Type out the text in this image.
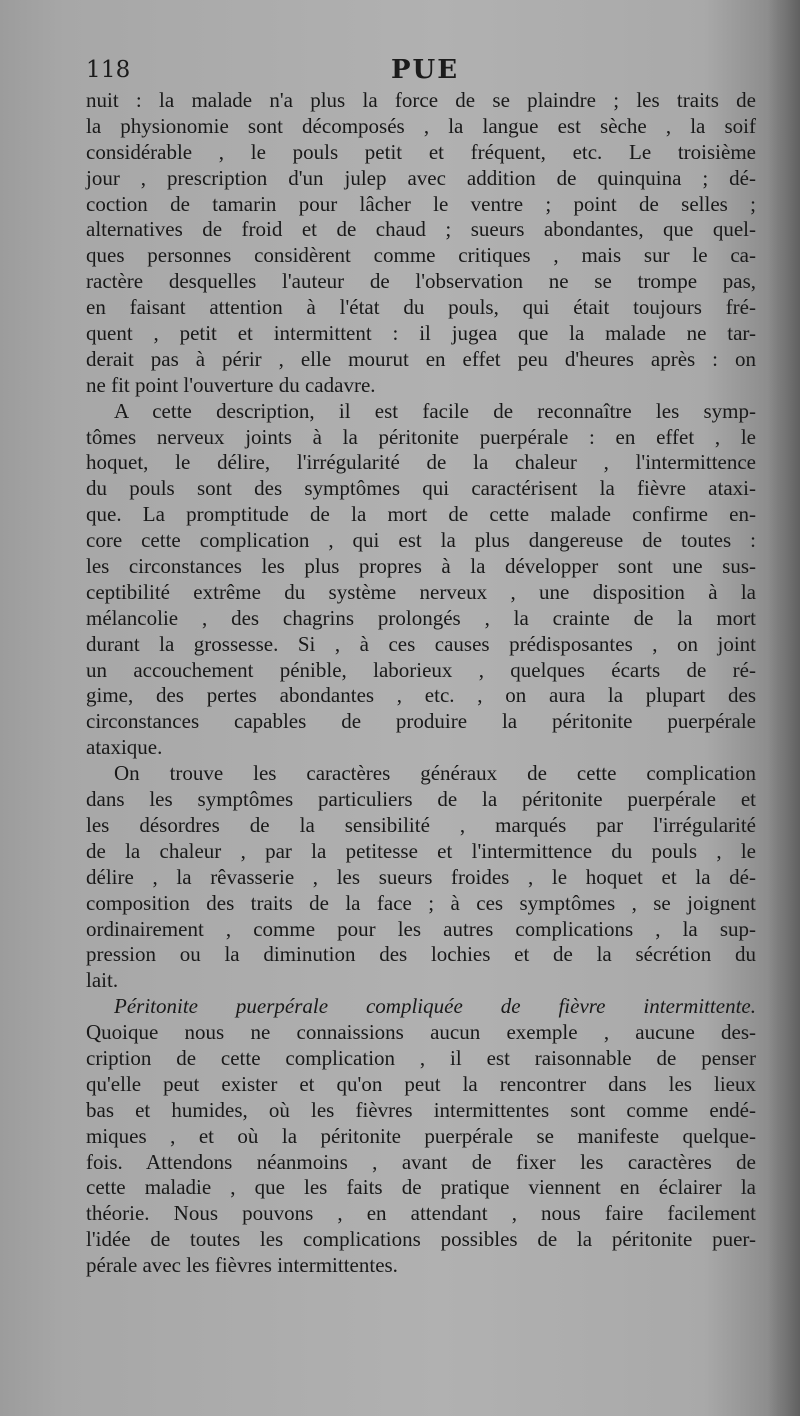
118	PUE
nuit : la malade n'a plus la force de se plaindre ; les traits de
la physionomie sont décomposés , la langue est sèche , la soif
considérable , le pouls petit et fréquent, etc. Le troisième
jour , prescription d'un julep avec addition de quinquina ; dé-
coction de tamarin pour lâcher le ventre ; point de selles ;
alternatives de froid et de chaud ; sueurs abondantes, que quel-
ques personnes considèrent comme critiques , mais sur le ca-
ractère desquelles l'auteur de l'observation ne se trompe pas,
en faisant attention à l'état du pouls, qui était toujours fré-
quent , petit et intermittent : il jugea que la malade ne tar-
derait pas à périr , elle mourut en effet peu d'heures après : on
ne fit point l'ouverture du cadavre.
A cette description, il est facile de reconnaître les symp-
tômes nerveux joints à la péritonite puerpérale : en effet , le
hoquet, le délire, l'irrégularité de la chaleur , l'intermittence
du pouls sont des symptômes qui caractérisent la fièvre ataxi-
que. La promptitude de la mort de cette malade confirme en-
core cette complication , qui est la plus dangereuse de toutes :
les circonstances les plus propres à la développer sont une sus-
ceptibilité extrême du système nerveux , une disposition à la
mélancolie , des chagrins prolongés , la crainte de la mort
durant la grossesse. Si , à ces causes prédisposantes , on joint
un accouchement pénible, laborieux , quelques écarts de ré-
gime, des pertes abondantes , etc. , on aura la plupart des
circonstances capables de produire la péritonite puerpérale
ataxique.
On trouve les caractères généraux de cette complication
dans les symptômes particuliers de la péritonite puerpérale et
les désordres de la sensibilité , marqués par l'irrégularité
de la chaleur , par la petitesse et l'intermittence du pouls , le
délire , la rêvasserie , les sueurs froides , le hoquet et la dé-
composition des traits de la face ; à ces symptômes , se joignent
ordinairement , comme pour les autres complications , la sup-
pression ou la diminution des lochies et de la sécrétion du
lait.
Péritonite puerpérale compliquée de fièvre intermittente.
Quoique nous ne connaissions aucun exemple , aucune des-
cription de cette complication , il est raisonnable de penser
qu'elle peut exister et qu'on peut la rencontrer dans les lieux
bas et humides, où les fièvres intermittentes sont comme endé-
miques , et où la péritonite puerpérale se manifeste quelque-
fois. Attendons néanmoins , avant de fixer les caractères de
cette maladie , que les faits de pratique viennent en éclairer la
théorie. Nous pouvons , en attendant , nous faire facilement
l'idée de toutes les complications possibles de la péritonite puer-
pérale avec les fièvres intermittentes.
